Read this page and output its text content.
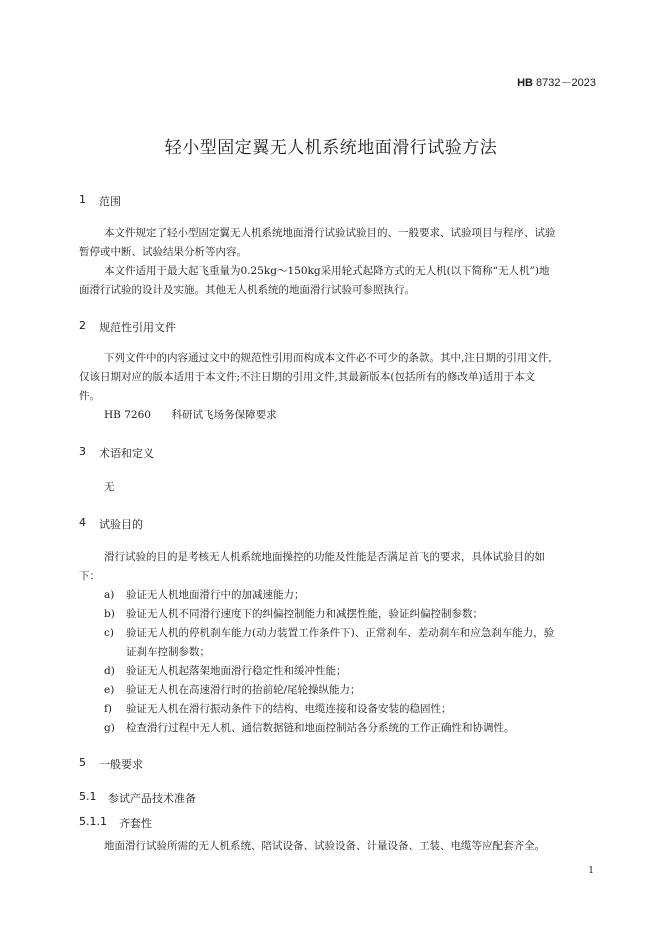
HB 8732－2023
轻小型固定翼无人机系统地面滑行试验方法
1 范围
本文件规定了轻小型固定翼无人机系统地面滑行试验试验目的、一般要求、试验项目与程序、试验
暂停或中断、试验结果分析等内容。
本文件适用于最大起飞重量为0.25kg～150kg采用轮式起降方式的无人机(以下简称“无人机”)地
面滑行试验的设计及实施。其他无人机系统的地面滑行试验可参照执行。
2 规范性引用文件
下列文件中的内容通过文中的规范性引用而构成本文件必不可少的条款。其中,注日期的引用文件,
仅该日期对应的版本适用于本文件;不注日期的引用文件,其最新版本(包括所有的修改单)适用于本文
件。
HB 7260 科研试飞场务保障要求
3 术语和定义
无
4 试验目的
滑行试验的目的是考核无人机系统地面操控的功能及性能是否满足首飞的要求，具体试验目的如
下：
a) 验证无人机地面滑行中的加减速能力；
b) 验证无人机不同滑行速度下的纠偏控制能力和减摆性能，验证纠偏控制参数；
c) 验证无人机的停机刹车能力(动力装置工作条件下)、正常刹车、差动刹车和应急刹车能力，验
证刹车控制参数；
d) 验证无人机起落架地面滑行稳定性和缓冲性能；
e) 验证无人机在高速滑行时的抬前轮/尾轮操纵能力；
f) 验证无人机在滑行振动条件下的结构、电缆连接和设备安装的稳固性；
g) 检查滑行过程中无人机、通信数据链和地面控制站各分系统的工作正确性和协调性。
5 一般要求
5.1 参试产品技术准备
5.1.1 齐套性
地面滑行试验所需的无人机系统、陪试设备、试验设备、计量设备、工装、电缆等应配套齐全。
1
